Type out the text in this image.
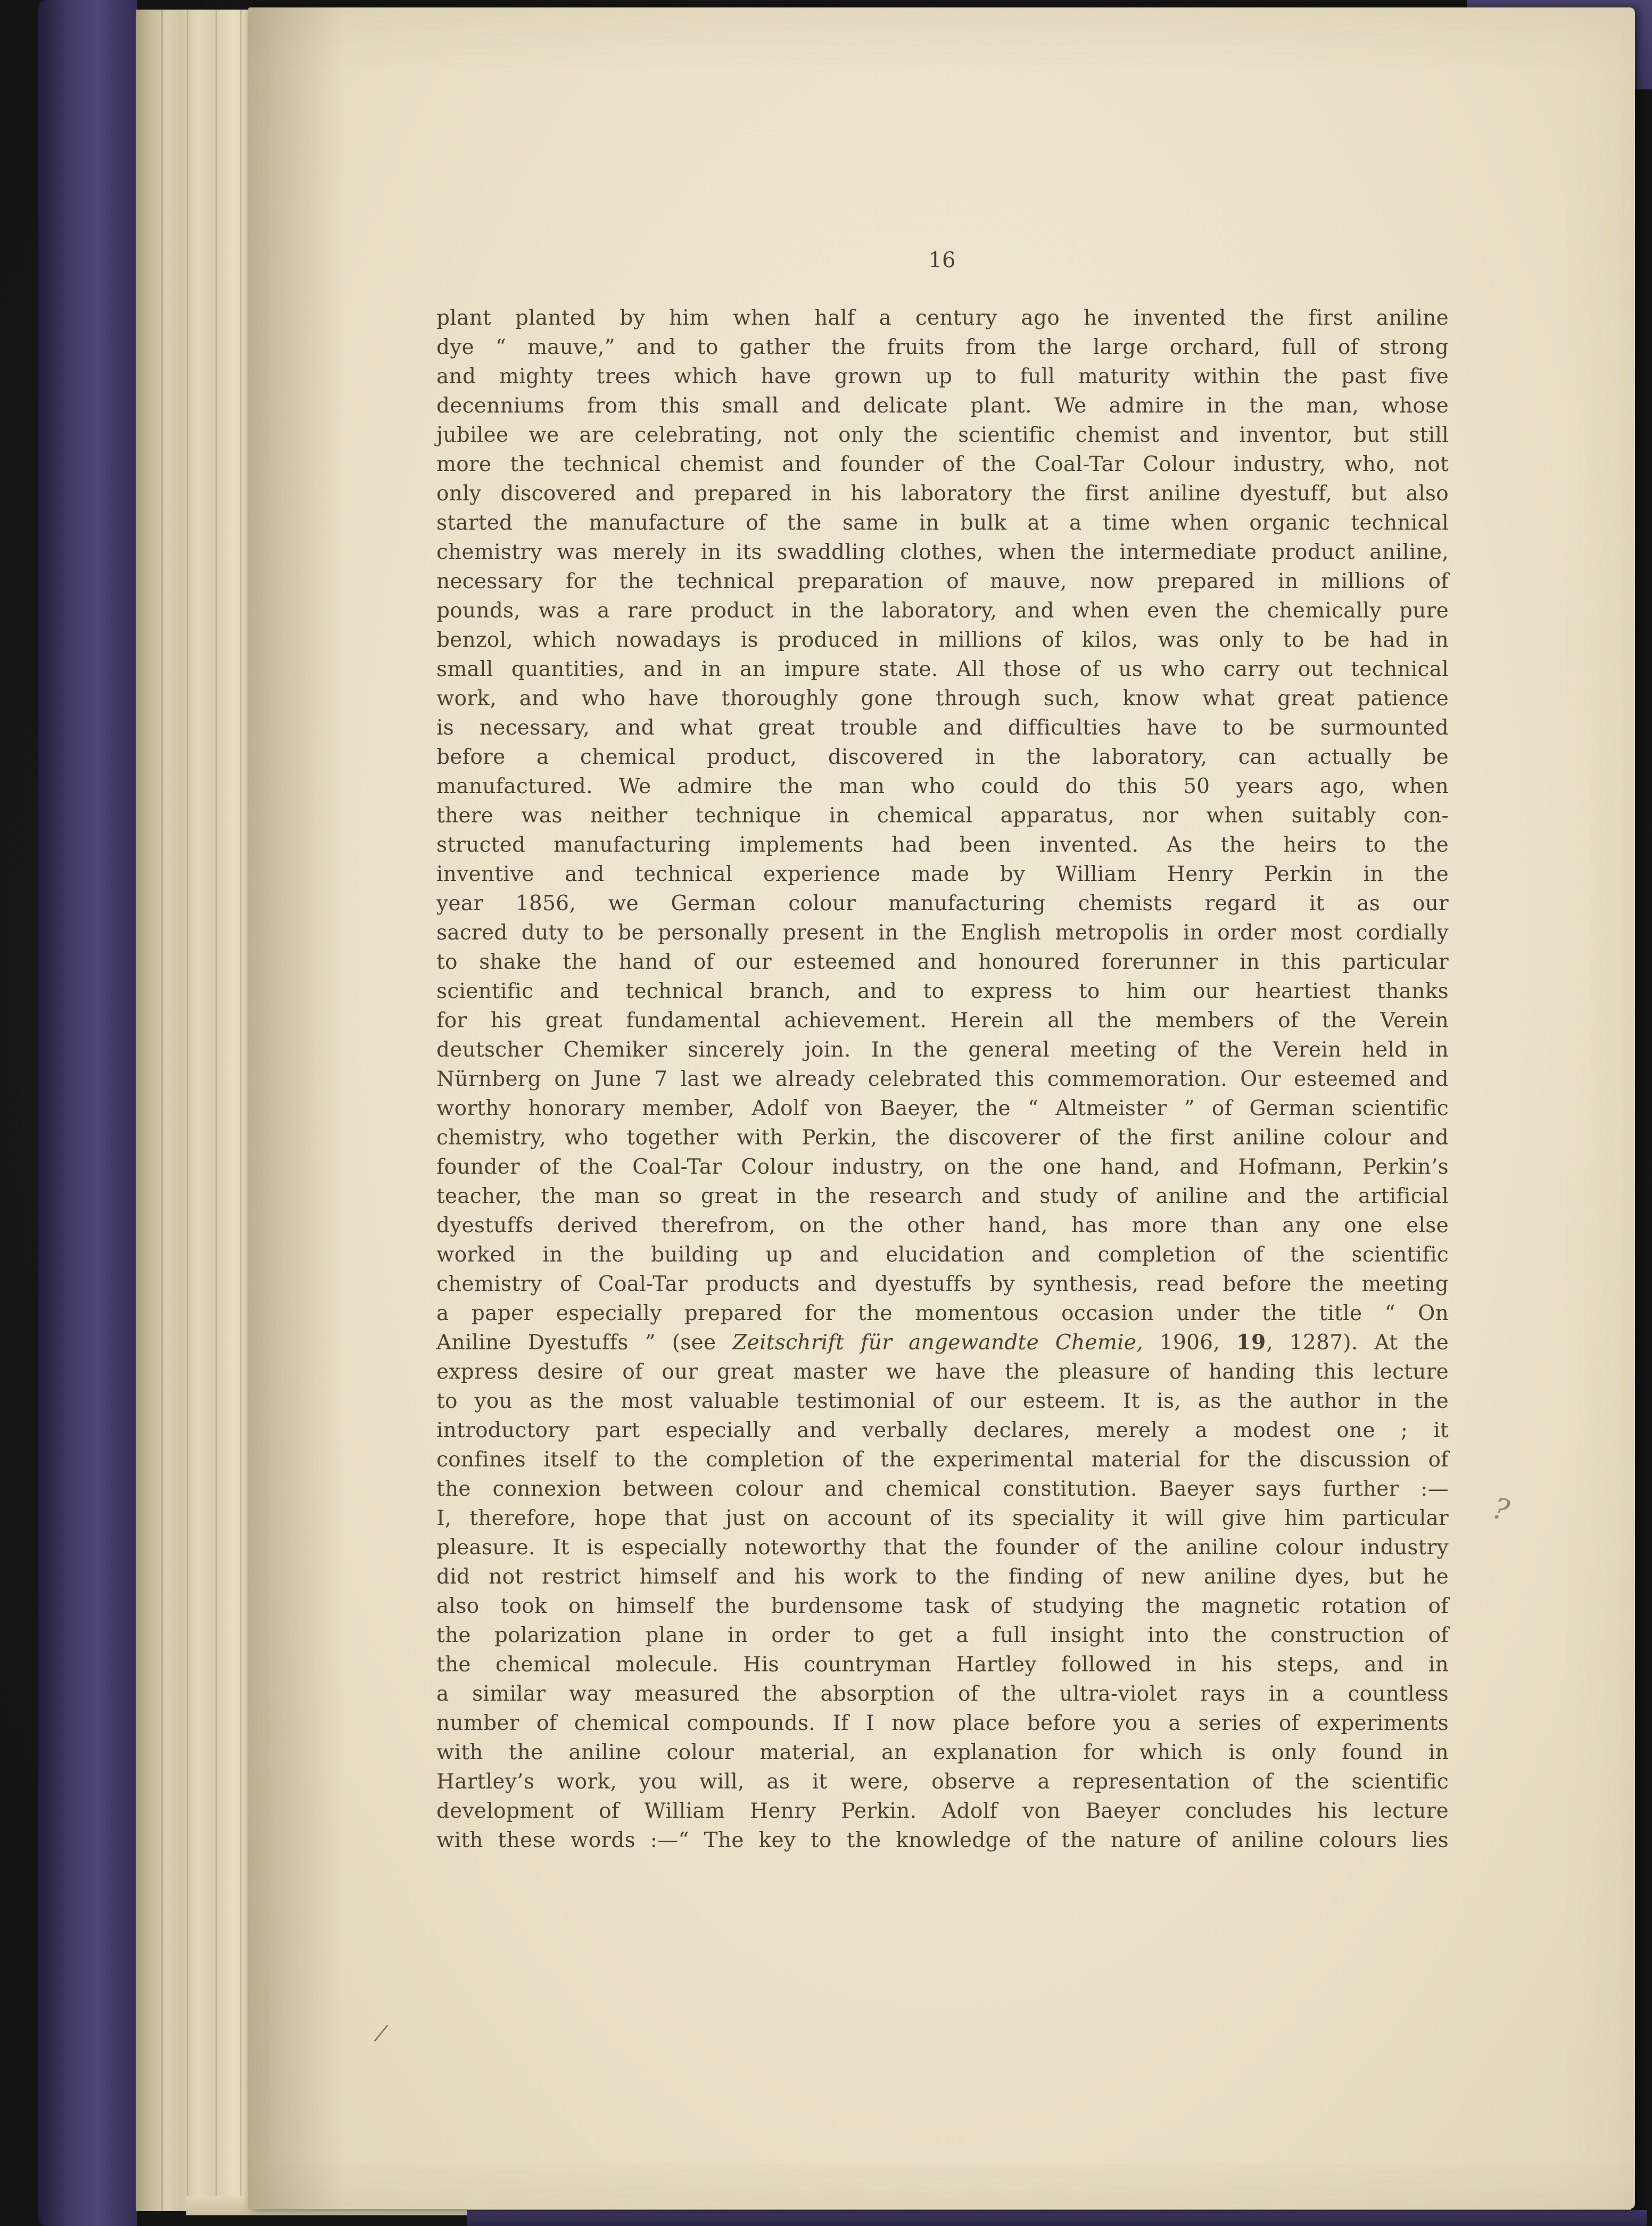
16
plant planted by him when half a century ago he invented the first aniline
dye “ mauve,” and to gather the fruits from the large orchard, full of strong
and mighty trees which have grown up to full maturity within the past five
decenniums from this small and delicate plant. We admire in the man, whose
jubilee we are celebrating, not only the scientific chemist and inventor, but still
more the technical chemist and founder of the Coal-Tar Colour industry, who, not
only discovered and prepared in his laboratory the first aniline dyestuff, but also
started the manufacture of the same in bulk at a time when organic technical
chemistry was merely in its swaddling clothes, when the intermediate product aniline,
necessary for the technical preparation of mauve, now prepared in millions of
pounds, was a rare product in the laboratory, and when even the chemically pure
benzol, which nowadays is produced in millions of kilos, was only to be had in
small quantities, and in an impure state. All those of us who carry out technical
work, and who have thoroughly gone through such, know what great patience
is necessary, and what great trouble and difficulties have to be surmounted
before a chemical product, discovered in the laboratory, can actually be
manufactured. We admire the man who could do this 50 years ago, when
there was neither technique in chemical apparatus, nor when suitably con-
structed manufacturing implements had been invented. As the heirs to the
inventive and technical experience made by William Henry Perkin in the
year 1856, we German colour manufacturing chemists regard it as our
sacred duty to be personally present in the English metropolis in order most cordially
to shake the hand of our esteemed and honoured forerunner in this particular
scientific and technical branch, and to express to him our heartiest thanks
for his great fundamental achievement. Herein all the members of the Verein
deutscher Chemiker sincerely join. In the general meeting of the Verein held in
Nürnberg on June 7 last we already celebrated this commemoration. Our esteemed and
worthy honorary member, Adolf von Baeyer, the “ Altmeister ” of German scientific
chemistry, who together with Perkin, the discoverer of the first aniline colour and
founder of the Coal-Tar Colour industry, on the one hand, and Hofmann, Perkin’s
teacher, the man so great in the research and study of aniline and the artificial
dyestuffs derived therefrom, on the other hand, has more than any one else
worked in the building up and elucidation and completion of the scientific
chemistry of Coal-Tar products and dyestuffs by synthesis, read before the meeting
a paper especially prepared for the momentous occasion under the title “ On
Aniline Dyestuffs ” (see Zeitschrift für angewandte Chemie, 1906, 19, 1287). At the
express desire of our great master we have the pleasure of handing this lecture
to you as the most valuable testimonial of our esteem. It is, as the author in the
introductory part especially and verbally declares, merely a modest one ; it
confines itself to the completion of the experimental material for the discussion of
the connexion between colour and chemical constitution. Baeyer says further :—
I, therefore, hope that just on account of its speciality it will give him particular
pleasure. It is especially noteworthy that the founder of the aniline colour industry
did not restrict himself and his work to the finding of new aniline dyes, but he
also took on himself the burdensome task of studying the magnetic rotation of
the polarization plane in order to get a full insight into the construction of
the chemical molecule. His countryman Hartley followed in his steps, and in
a similar way measured the absorption of the ultra-violet rays in a countless
number of chemical compounds. If I now place before you a series of experiments
with the aniline colour material, an explanation for which is only found in
Hartley’s work, you will, as it were, observe a representation of the scientific
development of William Henry Perkin. Adolf von Baeyer concludes his lecture
with these words :—“ The key to the knowledge of the nature of aniline colours lies
?
⁄
